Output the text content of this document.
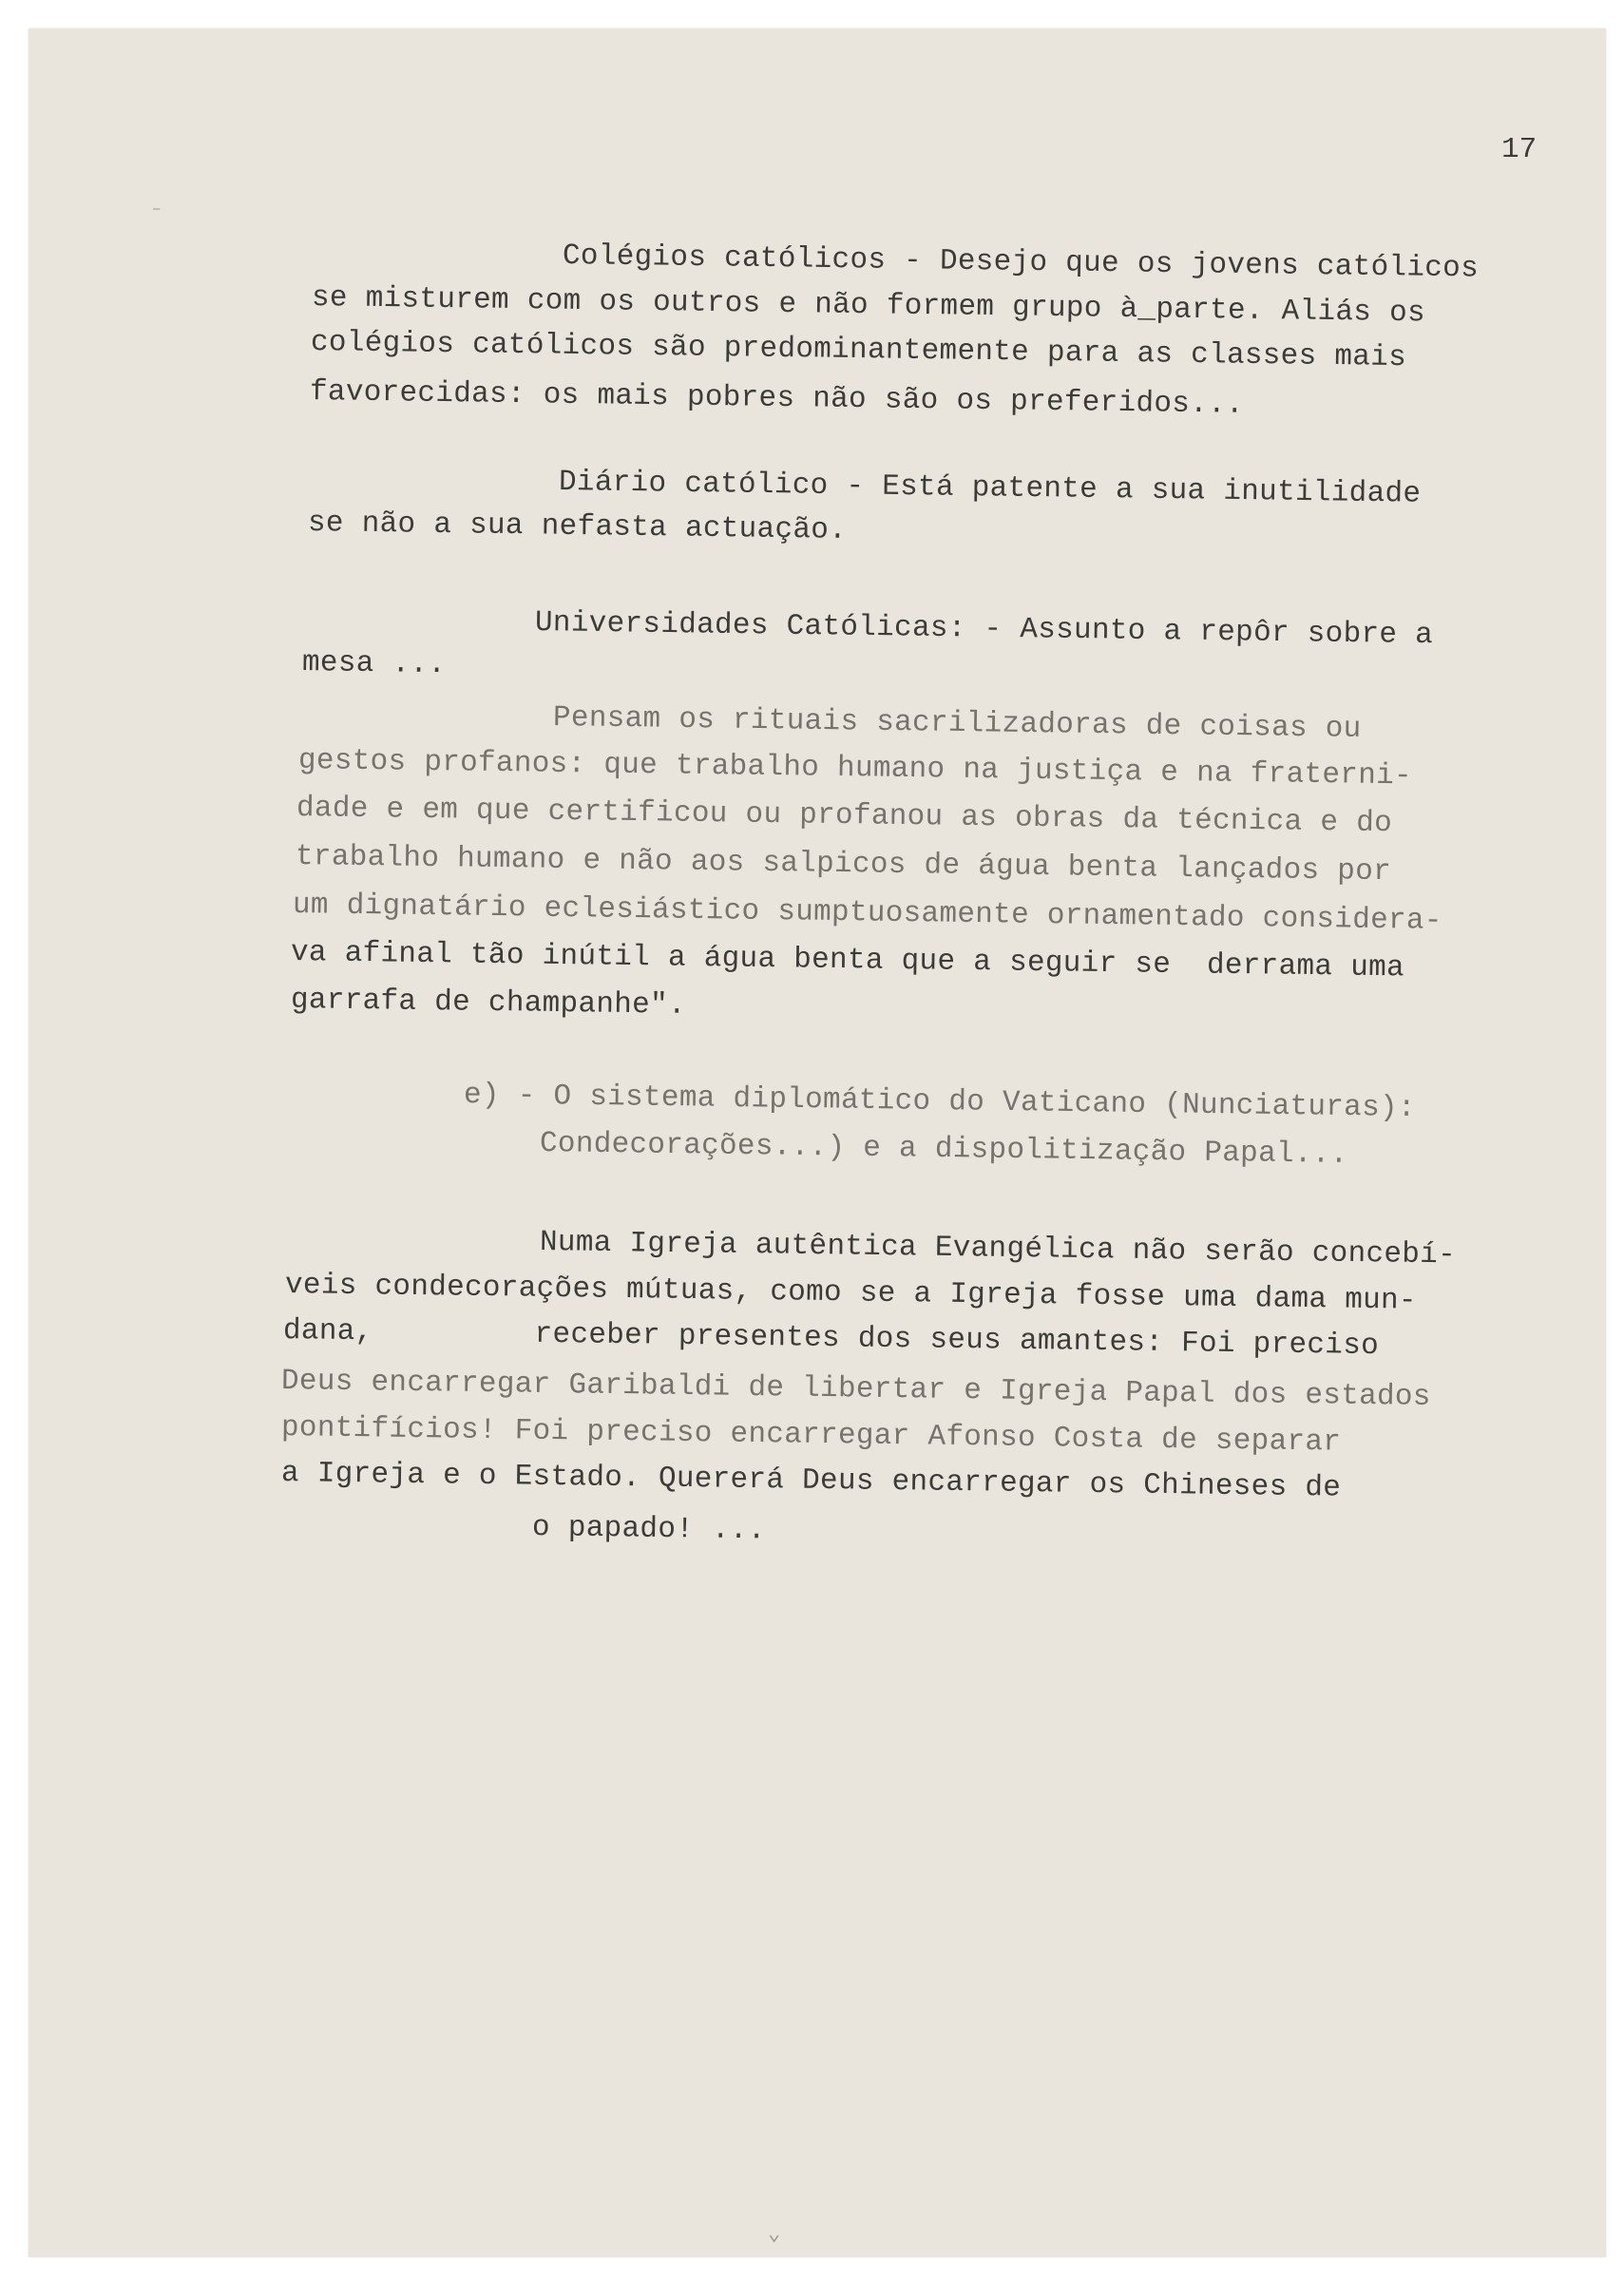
17
Colégios católicos - Desejo que os jovens católicos
se misturem com os outros e não formem grupo à_parte. Aliás os
colégios católicos são predominantemente para as classes mais
favorecidas: os mais pobres não são os preferidos...
Diário católico - Está patente a sua inutilidade
se não a sua nefasta actuação.
Universidades Católicas: - Assunto a repôr sobre a
mesa ...
Pensam os rituais sacrilizadoras de coisas ou
gestos profanos: que trabalho humano na justiça e na fraterni-
dade e em que certificou ou profanou as obras da técnica e do
trabalho humano e não aos salpicos de água benta lançados por
um dignatário eclesiástico sumptuosamente ornamentado considera-
va afinal tão inútil a água benta que a seguir se  derrama uma
garrafa de champanhe".
e) - O sistema diplomático do Vaticano (Nunciaturas):
Condecorações...) e a dispolitização Papal...
Numa Igreja autêntica Evangélica não serão concebí-
veis condecorações mútuas, como se a Igreja fosse uma dama mun-
dana,         receber presentes dos seus amantes: Foi preciso
Deus encarregar Garibaldi de libertar e Igreja Papal dos estados
pontifícios! Foi preciso encarregar Afonso Costa de separar
a Igreja e o Estado. Quererá Deus encarregar os Chineses de
o papado! ...
⁻
⌄
